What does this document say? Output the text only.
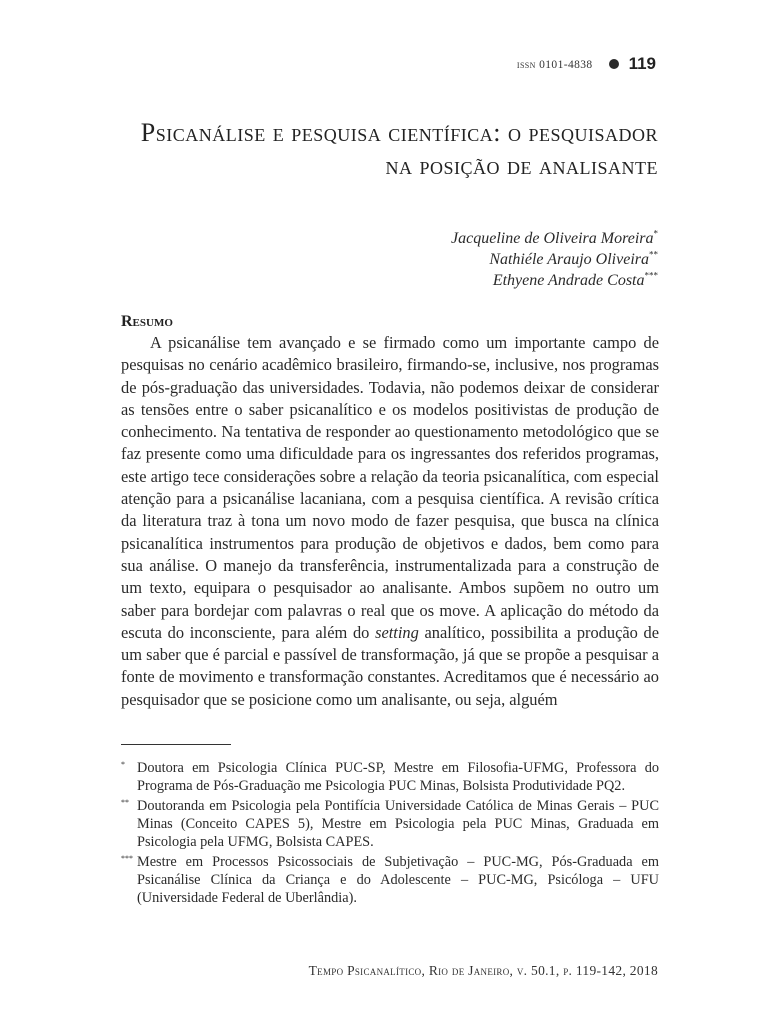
issn 0101-4838 119
Psicanálise e pesquisa científica: o pesquisador na posição de analisante
Jacqueline de Oliveira Moreira*
Nathiéle Araujo Oliveira**
Ethyene Andrade Costa***
Resumo

A psicanálise tem avançado e se firmado como um importante campo de pesquisas no cenário acadêmico brasileiro, firmando-se, inclusive, nos programas de pós-graduação das universidades. Todavia, não podemos deixar de considerar as tensões entre o saber psicanalítico e os modelos positivistas de produção de conhecimento. Na tentativa de responder ao questionamento metodológico que se faz presente como uma dificuldade para os ingressantes dos referidos programas, este artigo tece considerações sobre a relação da teoria psicanalítica, com especial atenção para a psicanálise lacaniana, com a pesquisa científica. A revisão crítica da literatura traz à tona um novo modo de fazer pesquisa, que busca na clínica psicanalítica instrumentos para produção de objetivos e dados, bem como para sua análise. O manejo da transferência, instrumentalizada para a construção de um texto, equipara o pesquisador ao analisante. Ambos supõem no outro um saber para bordejar com palavras o real que os move. A aplicação do método da escuta do inconsciente, para além do setting analítico, possibilita a produção de um saber que é parcial e passível de transformação, já que se propõe a pesquisar a fonte de movimento e transformação constantes. Acreditamos que é necessário ao pesquisador que se posicione como um analisante, ou seja, alguém

* Doutora em Psicologia Clínica PUC-SP, Mestre em Filosofia-UFMG, Professora do Programa de Pós-Graduação me Psicologia PUC Minas, Bolsista Produtividade PQ2.

** Doutoranda em Psicologia pela Pontifícia Universidade Católica de Minas Gerais – PUC Minas (Conceito CAPES 5), Mestre em Psicologia pela PUC Minas, Graduada em Psicologia pela UFMG, Bolsista CAPES.

*** Mestre em Processos Psicossociais de Subjetivação – PUC-MG, Pós-Graduada em Psicanálise Clínica da Criança e do Adolescente – PUC-MG, Psicóloga – UFU (Universidade Federal de Uberlândia).

Tempo Psicanalítico, Rio de Janeiro, v. 50.1, p. 119-142, 2018
